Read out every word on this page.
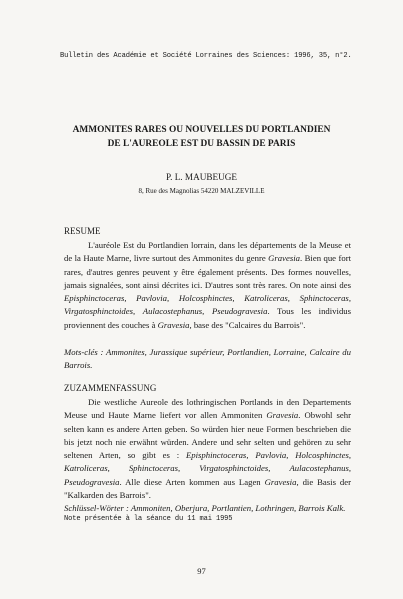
Bulletin des Académie et Société Lorraines des Sciences: 1996, 35, n°2.
AMMONITES RARES OU NOUVELLES DU PORTLANDIEN
DE L'AUREOLE EST DU BASSIN DE PARIS
P. L. MAUBEUGE
8, Rue des Magnolias 54220 MALZEVILLE
RESUME
L'auréole Est du Portlandien lorrain, dans les départements de la Meuse et de la Haute Marne, livre surtout des Ammonites du genre Gravesia. Bien que fort rares, d'autres genres peuvent y être également présents. Des formes nouvelles, jamais signalées, sont ainsi décrites ici. D'autres sont très rares. On note ainsi des Episphinctoceras, Pavlovia, Holcosphinctes, Katroliceras, Sphinctoceras, Virgatosphinctoides, Aulacostephanus, Pseudogravesia. Tous les individus proviennent des couches à Gravesia, base des "Calcaires du Barrois".
Mots-clés : Ammonites, Jurassique supérieur, Portlandien, Lorraine, Calcaire du Barrois.
ZUZAMMENFASSUNG
Die westliche Aureole des lothringischen Portlands in den Departements Meuse und Haute Marne liefert vor allen Ammoniten Gravesia. Obwohl sehr selten kann es andere Arten geben. So würden hier neue Formen beschrieben die bis jetzt noch nie erwähnt würden. Andere und sehr selten und gehören zu sehr seltenen Arten, so gibt es : Episphinctoceras, Pavlovia, Holcosphinctes, Katroliceras, Sphinctoceras, Virgatosphinctoides, Aulacostephanus, Pseudogravesia. Alle diese Arten kommen aus Lagen Gravesia, die Basis der "Kalkarden des Barrois".
Schlüssel-Wörter : Ammoniten, Oberjura, Portlantien, Lothringen, Barrois Kalk.
Note présentée à la séance du 11 mai 1995
97
